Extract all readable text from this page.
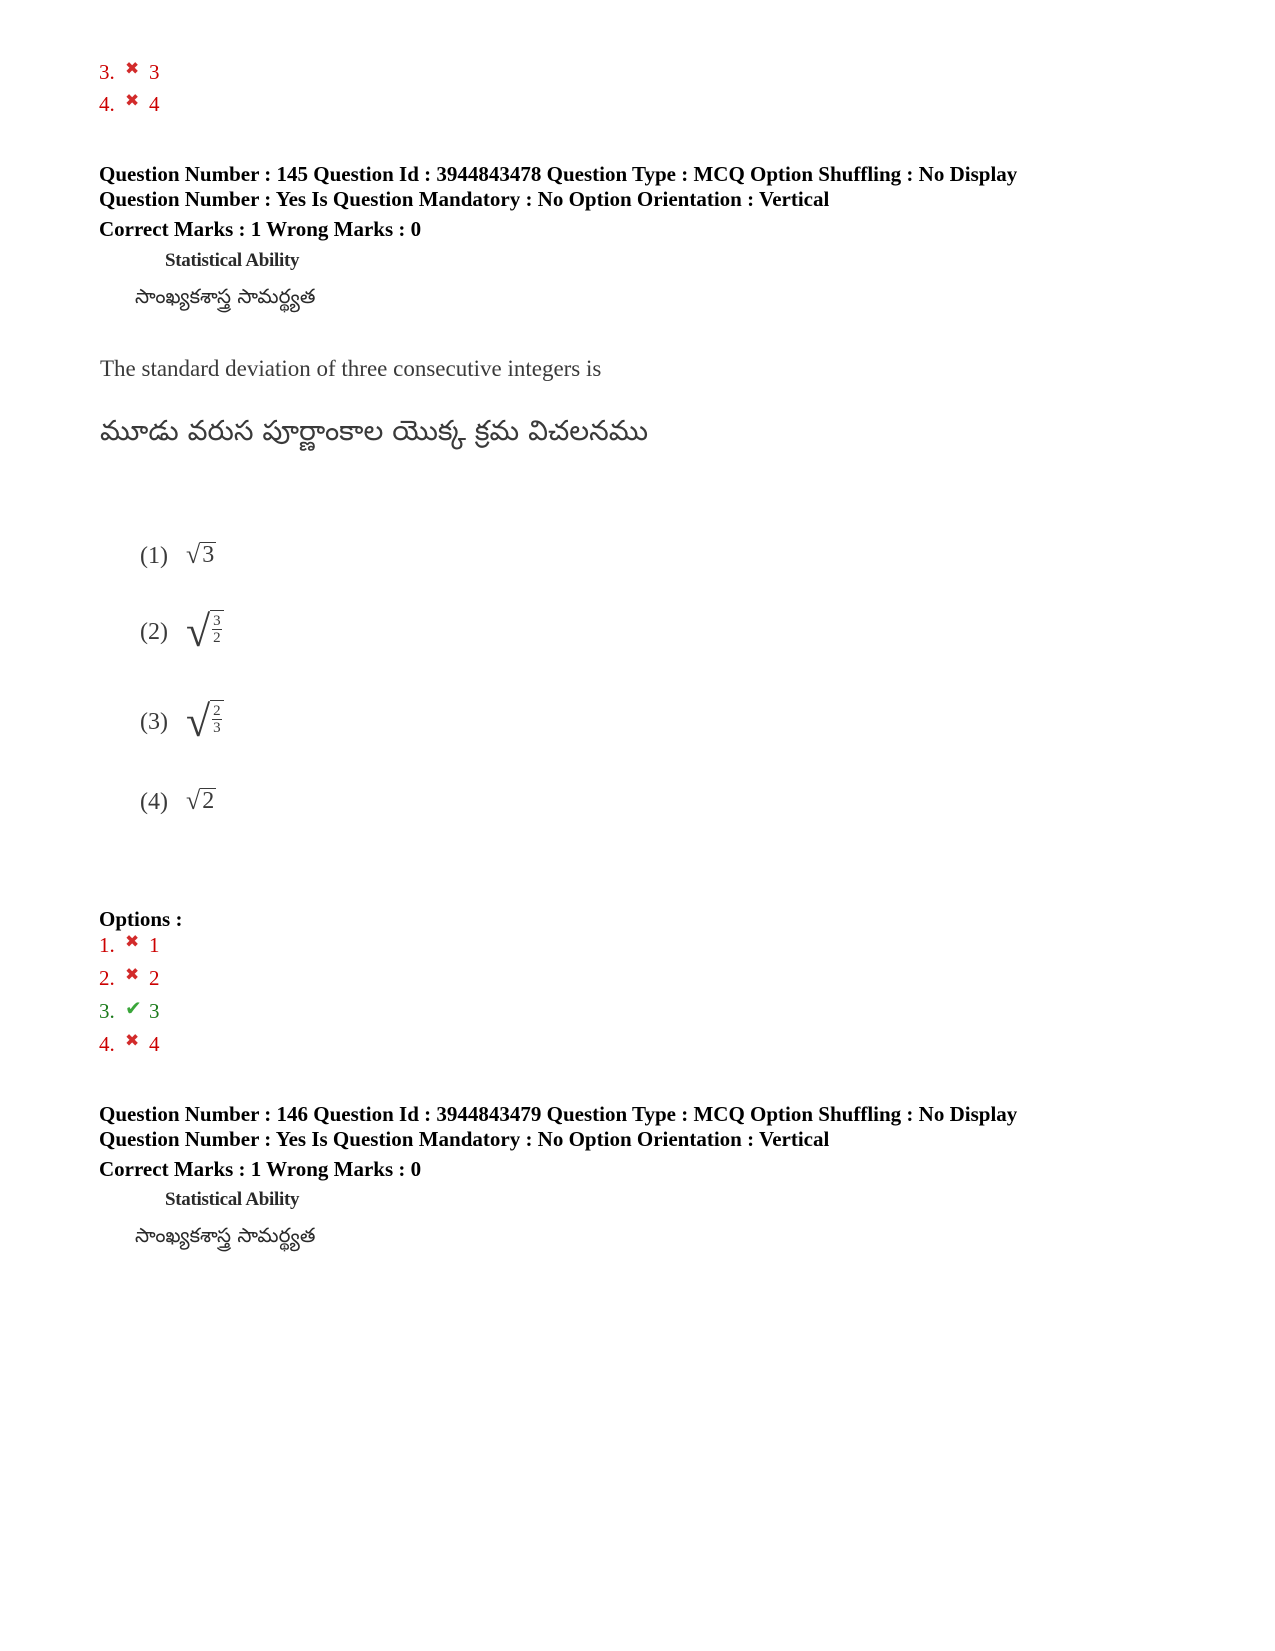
3. ✖ 3
4. ✖ 4
Question Number : 145 Question Id : 3944843478 Question Type : MCQ Option Shuffling : No Display
Question Number : Yes Is Question Mandatory : No Option Orientation : Vertical
Correct Marks : 1 Wrong Marks : 0
Statistical Ability
సాంఖ్యకశాస్త్ర సామర్థ్యత
The standard deviation of three consecutive integers is
మూడు వరుస పూర్ణాంకాల యొక్క క్రమ విచలనము
(1) √ 3
(2) √ $\frac{3}{2}$
(3) √ $\frac{2}{3}$
(4) √ 2
Options :
1. ✖ 1
2. ✖ 2
3. ✔ 3
4. ✖ 4
Question Number : 146 Question Id : 3944843479 Question Type : MCQ Option Shuffling : No Display
Question Number : Yes Is Question Mandatory : No Option Orientation : Vertical
Correct Marks : 1 Wrong Marks : 0
Statistical Ability
సాంఖ్యకశాస్త్ర సామర్థ్యత
